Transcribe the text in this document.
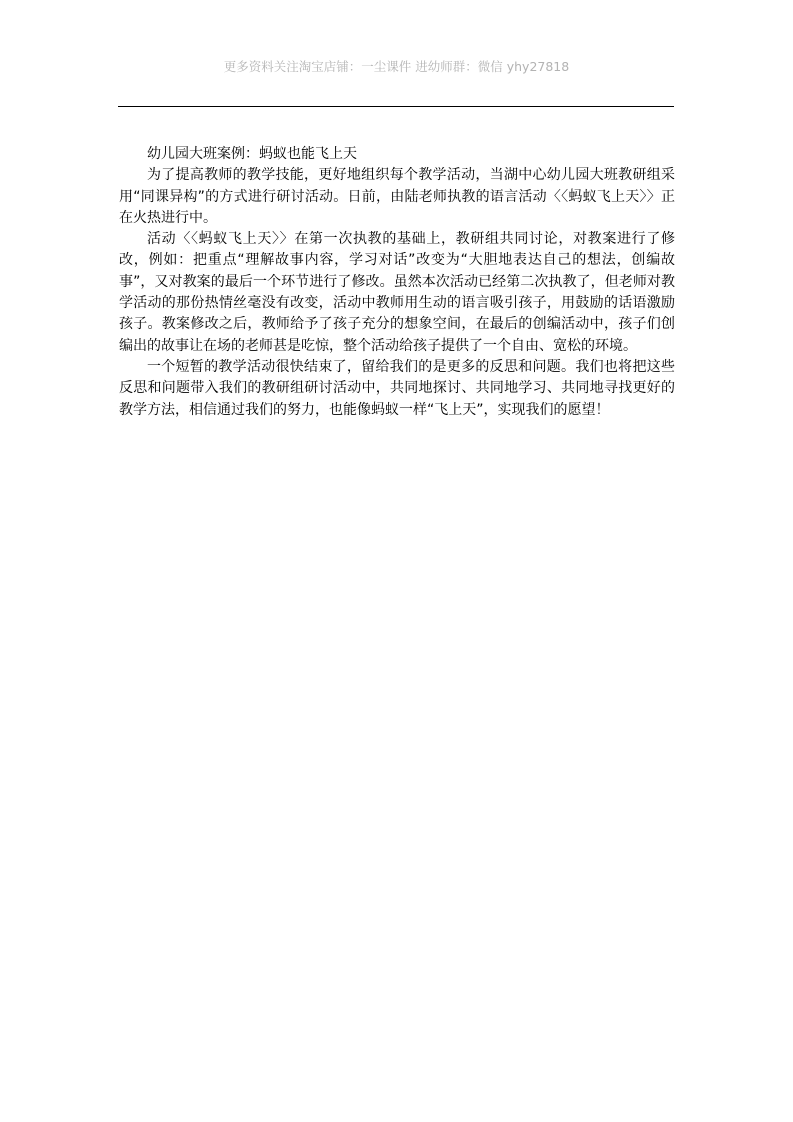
更多资料关注淘宝店铺：一尘课件 进幼师群：微信 yhy27818

幼儿园大班案例：蚂蚁也能飞上天

为了提高教师的教学技能，更好地组织每个教学活动，当湖中心幼儿园大班教研组采用“同课异构”的方式进行研讨活动。日前，由陆老师执教的语言活动〈〈蚂蚁飞上天〉〉正在火热进行中。

活动〈〈蚂蚁飞上天〉〉在第一次执教的基础上，教研组共同讨论，对教案进行了修改，例如：把重点“理解故事内容，学习对话”改变为“大胆地表达自己的想法，创编故事”，又对教案的最后一个环节进行了修改。虽然本次活动已经第二次执教了，但老师对教学活动的那份热情丝毫没有改变，活动中教师用生动的语言吸引孩子，用鼓励的话语激励孩子。教案修改之后，教师给予了孩子充分的想象空间，在最后的创编活动中，孩子们创编出的故事让在场的老师甚是吃惊，整个活动给孩子提供了一个自由、宽松的环境。

一个短暂的教学活动很快结束了，留给我们的是更多的反思和问题。我们也将把这些反思和问题带入我们的教研组研讨活动中，共同地探讨、共同地学习、共同地寻找更好的教学方法，相信通过我们的努力，也能像蚂蚁一样“飞上天”，实现我们的愿望！
